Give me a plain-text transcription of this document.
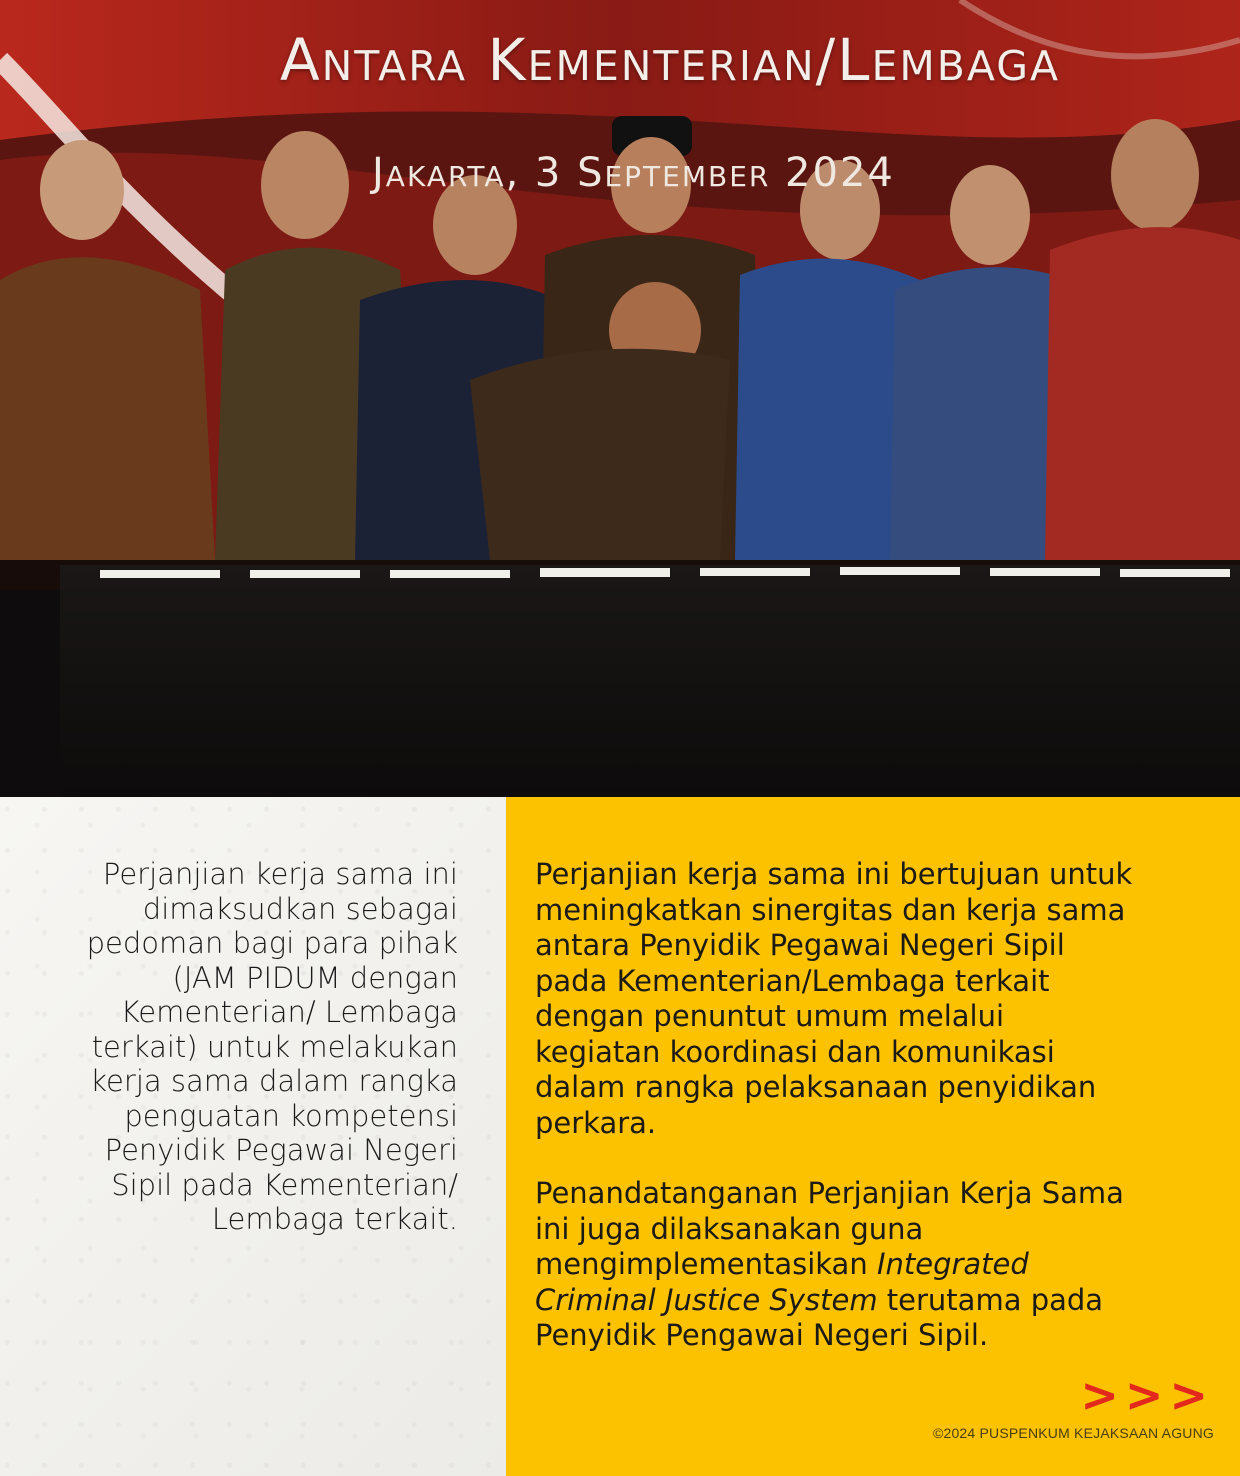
Antara Kementerian/Lembaga
Jakarta, 3 September 2024
Perjanjian kerja sama ini
dimaksudkan sebagai
pedoman bagi para pihak
(JAM PIDUM dengan
Kementerian/ Lembaga
terkait) untuk melakukan
kerja sama dalam rangka
penguatan kompetensi
Penyidik Pegawai Negeri
Sipil pada Kementerian/
Lembaga terkait.
Perjanjian kerja sama ini bertujuan untuk
meningkatkan sinergitas dan kerja sama
antara Penyidik Pegawai Negeri Sipil
pada Kementerian/Lembaga terkait
dengan penuntut umum melalui
kegiatan koordinasi dan komunikasi
dalam rangka pelaksanaan penyidikan
perkara.
Penandatanganan Perjanjian Kerja Sama
ini juga dilaksanakan guna
mengimplementasikan Integrated
Criminal Justice System terutama pada
Penyidik Pengawai Negeri Sipil.
>>>
©2024 PUSPENKUM KEJAKSAAN AGUNG
